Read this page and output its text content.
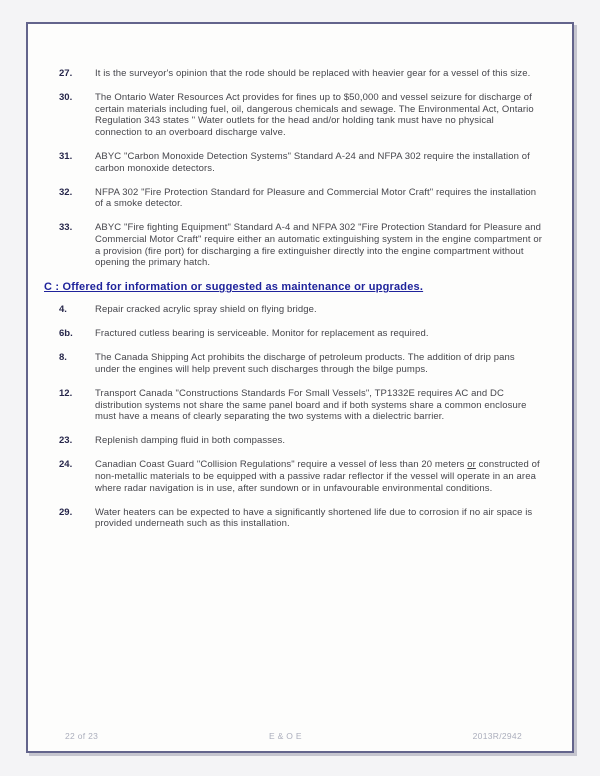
27.	It is the surveyor's opinion that the rode should be replaced with heavier gear for a vessel of this size.
30.	The Ontario Water Resources Act provides for fines up to $50,000 and vessel seizure for discharge of certain materials including fuel, oil, dangerous chemicals and sewage. The Environmental Act, Ontario Regulation 343 states " Water outlets for the head and/or holding tank must have no physical connection to an overboard discharge valve.
31.	ABYC "Carbon Monoxide Detection Systems" Standard A-24 and NFPA 302 require the installation of carbon monoxide detectors.
32.	NFPA 302 "Fire Protection Standard for Pleasure and Commercial Motor Craft" requires the installation of a smoke detector.
33.	ABYC "Fire fighting Equipment" Standard A-4 and NFPA 302 "Fire Protection Standard for Pleasure and Commercial Motor Craft" require either an automatic extinguishing system in the engine compartment or a provision (fire port) for discharging a fire extinguisher directly into the engine compartment without opening the primary hatch.
C : Offered for information or suggested as maintenance or upgrades.
4.	Repair cracked acrylic spray shield on flying bridge.
6b.	Fractured cutless bearing is serviceable. Monitor for replacement as required.
8.	The Canada Shipping Act prohibits the discharge of petroleum products. The addition of drip pans under the engines will help prevent such discharges through the bilge pumps.
12.	Transport Canada "Constructions Standards For Small Vessels", TP1332E requires AC and DC distribution systems not share the same panel board and if both systems share a common enclosure must have a means of clearly separating the two systems with a dielectric barrier.
23.	Replenish damping fluid in both compasses.
24.	Canadian Coast Guard "Collision Regulations" require a vessel of less than 20 meters or constructed of non-metallic materials to be equipped with a passive radar reflector if the vessel will operate in an area where radar navigation is in use, after sundown or in unfavourable environmental conditions.
29.	Water heaters can be expected to have a significantly shortened life due to corrosion if no air space is provided underneath such as this installation.
22 of 23	E & O E	2013R/2942
